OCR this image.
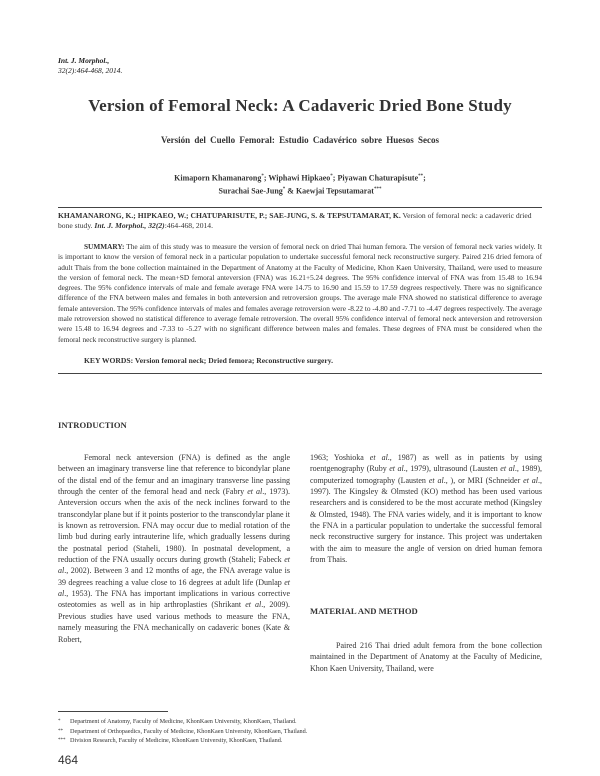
Int. J. Morphol.,
32(2):464-468, 2014.
Version of Femoral Neck: A Cadaveric Dried Bone Study
Versión del Cuello Femoral: Estudio Cadavérico sobre Huesos Secos
Kimaporn Khamanarong*; Wiphawi Hipkaeo*; Piyawan Chaturapisute**;
Surachai Sae-Jung* & Kaewjai Tepsutamarat***
KHAMANARONG, K.; HIPKAEO, W.; CHATUPARISUTE, P.; SAE-JUNG, S. & TEPSUTAMARAT, K. Version of femoral neck: a cadaveric dried bone study. Int. J. Morphol., 32(2):464-468, 2014.
SUMMARY: The aim of this study was to measure the version of femoral neck on dried Thai human femora. The version of femoral neck varies widely. It is important to know the version of femoral neck in a particular population to undertake successful femoral neck reconstructive surgery. Paired 216 dried femora of adult Thais from the bone collection maintained in the Department of Anatomy at the Faculty of Medicine, Khon Kaen University, Thailand, were used to measure the version of femoral neck. The mean+SD femoral anteversion (FNA) was 16.21+5.24 degrees. The 95% confidence interval of FNA was from 15.48 to 16.94 degrees. The 95% confidence intervals of male and female average FNA were 14.75 to 16.90 and 15.59 to 17.59 degrees respectively. There was no significance difference of the FNA between males and females in both anteversion and retroversion groups. The average male FNA showed no statistical difference to average female anteversion. The 95% confidence intervals of males and females average retroversion were -8.22 to -4.80 and -7.71 to -4.47 degrees respectively. The average male retroversion showed no statistical difference to average female retroversion. The overall 95% confidence interval of femoral neck anteversion and retroversion were 15.48 to 16.94 degrees and -7.33 to -5.27 with no significant difference between males and females. These degrees of FNA must be considered when the femoral neck reconstructive surgery is planned.
KEY WORDS: Version femoral neck; Dried femora; Reconstructive surgery.
INTRODUCTION

Femoral neck anteversion (FNA) is defined as the angle between an imaginary transverse line that reference to bicondylar plane of the distal end of the femur and an imaginary transverse line passing through the center of the femoral head and neck (Fabry et al., 1973). Anteversion occurs when the axis of the neck inclines forward to the transcondylar plane but if it points posterior to the transcondylar plane it is known as retroversion. FNA may occur due to medial rotation of the limb bud during early intrauterine life, which gradually lessens during the postnatal period (Staheli, 1980). In postnatal development, a reduction of the FNA usually occurs during growth (Staheli; Fabeck et al., 2002). Between 3 and 12 months of age, the FNA average value is 39 degrees reaching a value close to 16 degrees at adult life (Dunlap et al., 1953). The FNA has important implications in various corrective osteotomies as well as in hip arthroplasties (Shrikant et al., 2009). Previous studies have used various methods to measure the FNA, namely measuring the FNA mechanically on cadaveric bones (Kate & Robert,

1963; Yoshioka et al., 1987) as well as in patients by using roentgenography (Ruby et al., 1979), ultrasound (Lausten et al., 1989), computerized tomography (Lausten et al., ), or MRI (Schneider et al., 1997). The Kingsley & Olmsted (KO) method has been used various researchers and is considered to be the most accurate method (Kingsley & Olmsted, 1948). The FNA varies widely, and it is important to know the FNA in a particular population to undertake the successful femoral neck reconstructive surgery for instance. This project was undertaken with the aim to measure the angle of version on dried human femora from Thais.

MATERIAL AND METHOD

Paired 216 Thai dried adult femora from the bone collection maintained in the Department of Anatomy at the Faculty of Medicine, Khon Kaen University, Thailand, were

*	Department of Anatomy, Faculty of Medicine, KhonKaen University, KhonKaen, Thailand.
**	Department of Orthopaedics, Faculty of Medicine, KhonKaen University, KhonKaen, Thailand.
*** Division Research, Faculty of Medicine, KhonKaen University, KhonKaen, Thailand.
464
